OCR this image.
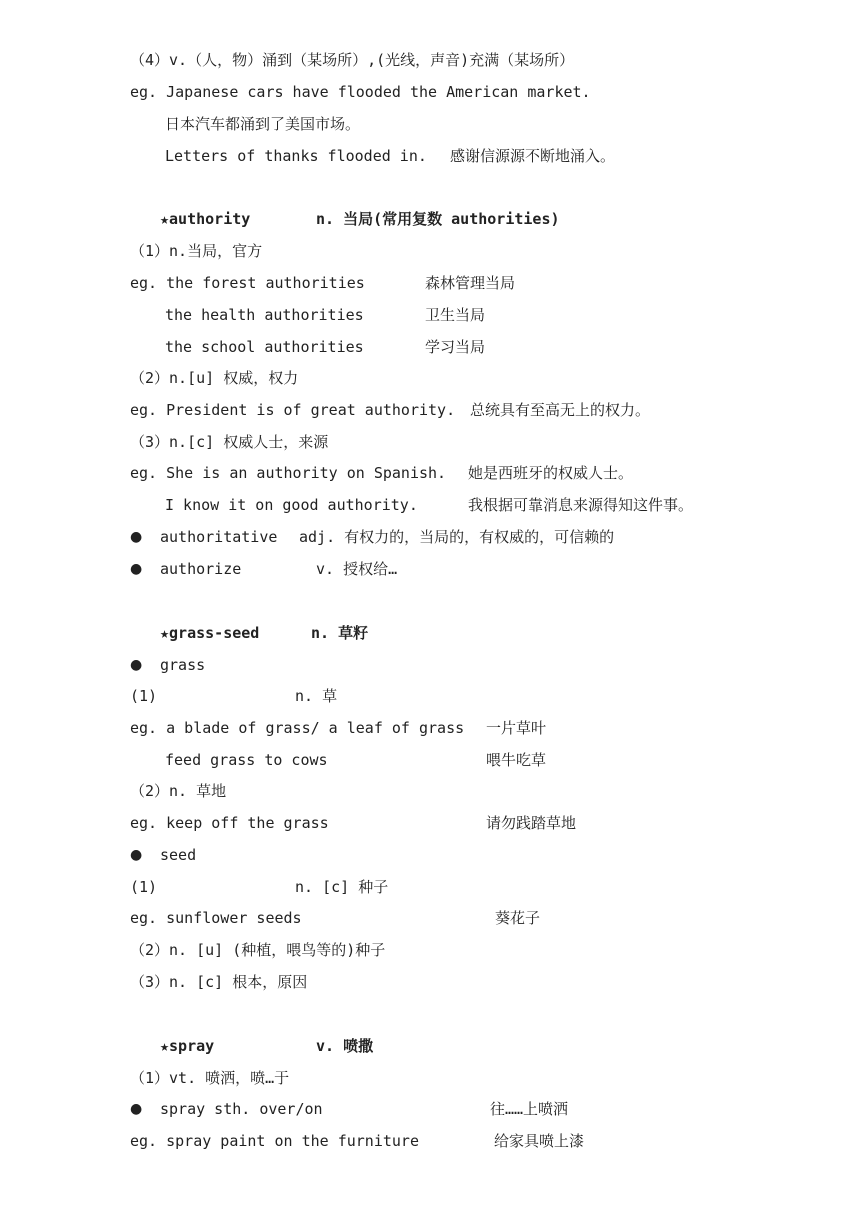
（4）v.（人，物）涌到（某场所）,(光线，声音)充满（某场所）
eg. Japanese cars have flooded the American market.
日本汽车都涌到了美国市场。
Letters of thanks flooded in. 感谢信源源不断地涌入。
★authority	n. 当局(常用复数 authorities)
（1）n.当局，官方
eg. the forest authorities	森林管理当局
the health authorities	卫生当局
the school authorities	学习当局
（2）n.[u] 权威，权力
eg. President is of great authority. 总统具有至高无上的权力。
（3）n.[c] 权威人士，来源
eg. She is an authority on Spanish. 她是西班牙的权威人士。
I know it on good authority.	我根据可靠消息来源得知这件事。
● authoritative adj. 有权力的，当局的，有权威的，可信赖的
● authorize	v. 授权给…
★grass-seed	n. 草籽
● grass
(1)	n. 草
eg. a blade of grass/ a leaf of grass 一片草叶
feed grass to cows	喂牛吃草
（2）n. 草地
eg. keep off the grass	请勿践踏草地
● seed
(1)	n. [c] 种子
eg. sunflower seeds	葵花子
（2）n. [u] (种植，喂鸟等的)种子
（3）n. [c] 根本，原因
★spray	v. 喷撒
（1）vt. 喷洒，喷…于
● spray sth. over/on	往……上喷洒
eg. spray paint on the furniture	给家具喷上漆
